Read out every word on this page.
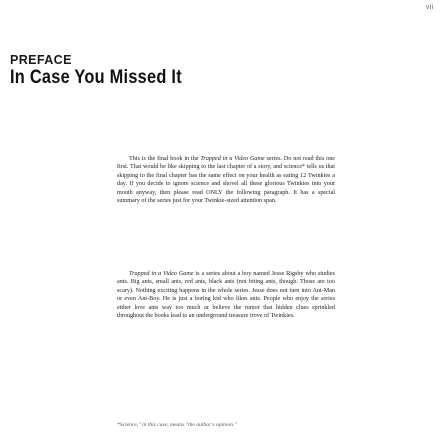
vii
PREFACE
In Case You Missed It

This is the final book in the Trapped in a Video Game series. Do not read this one first. That would be like skipping to the last chapter of a story, and science* tells us that skipping to the final chapter has the same effect on your health as eating 12 Twinkies a day. If you decide to ignore science and shovel all these glorious Twinkies into your mouth anyway, then please read ONLY the following paragraph. It has a special summary of the series just for your Twinkie-sized attention span.

Trapped in a Video Game is a series about a boy named Jesse Rigsby who studies ants. Big ants, small ants, red ants, black ants (not biting ants, though. Those are too scary). Nothing exciting happens in the whole series. Jesse does not turn into Ant-Man or even Ant-Boy. He is just a boring kid who likes ants. People who enjoy the series either love ants way too much or believe the rumor that hidden clues sprinkled throughout the books lead to an underground treasure trove of Twinkies.

*Science," in this case, means "the author's opinion."
